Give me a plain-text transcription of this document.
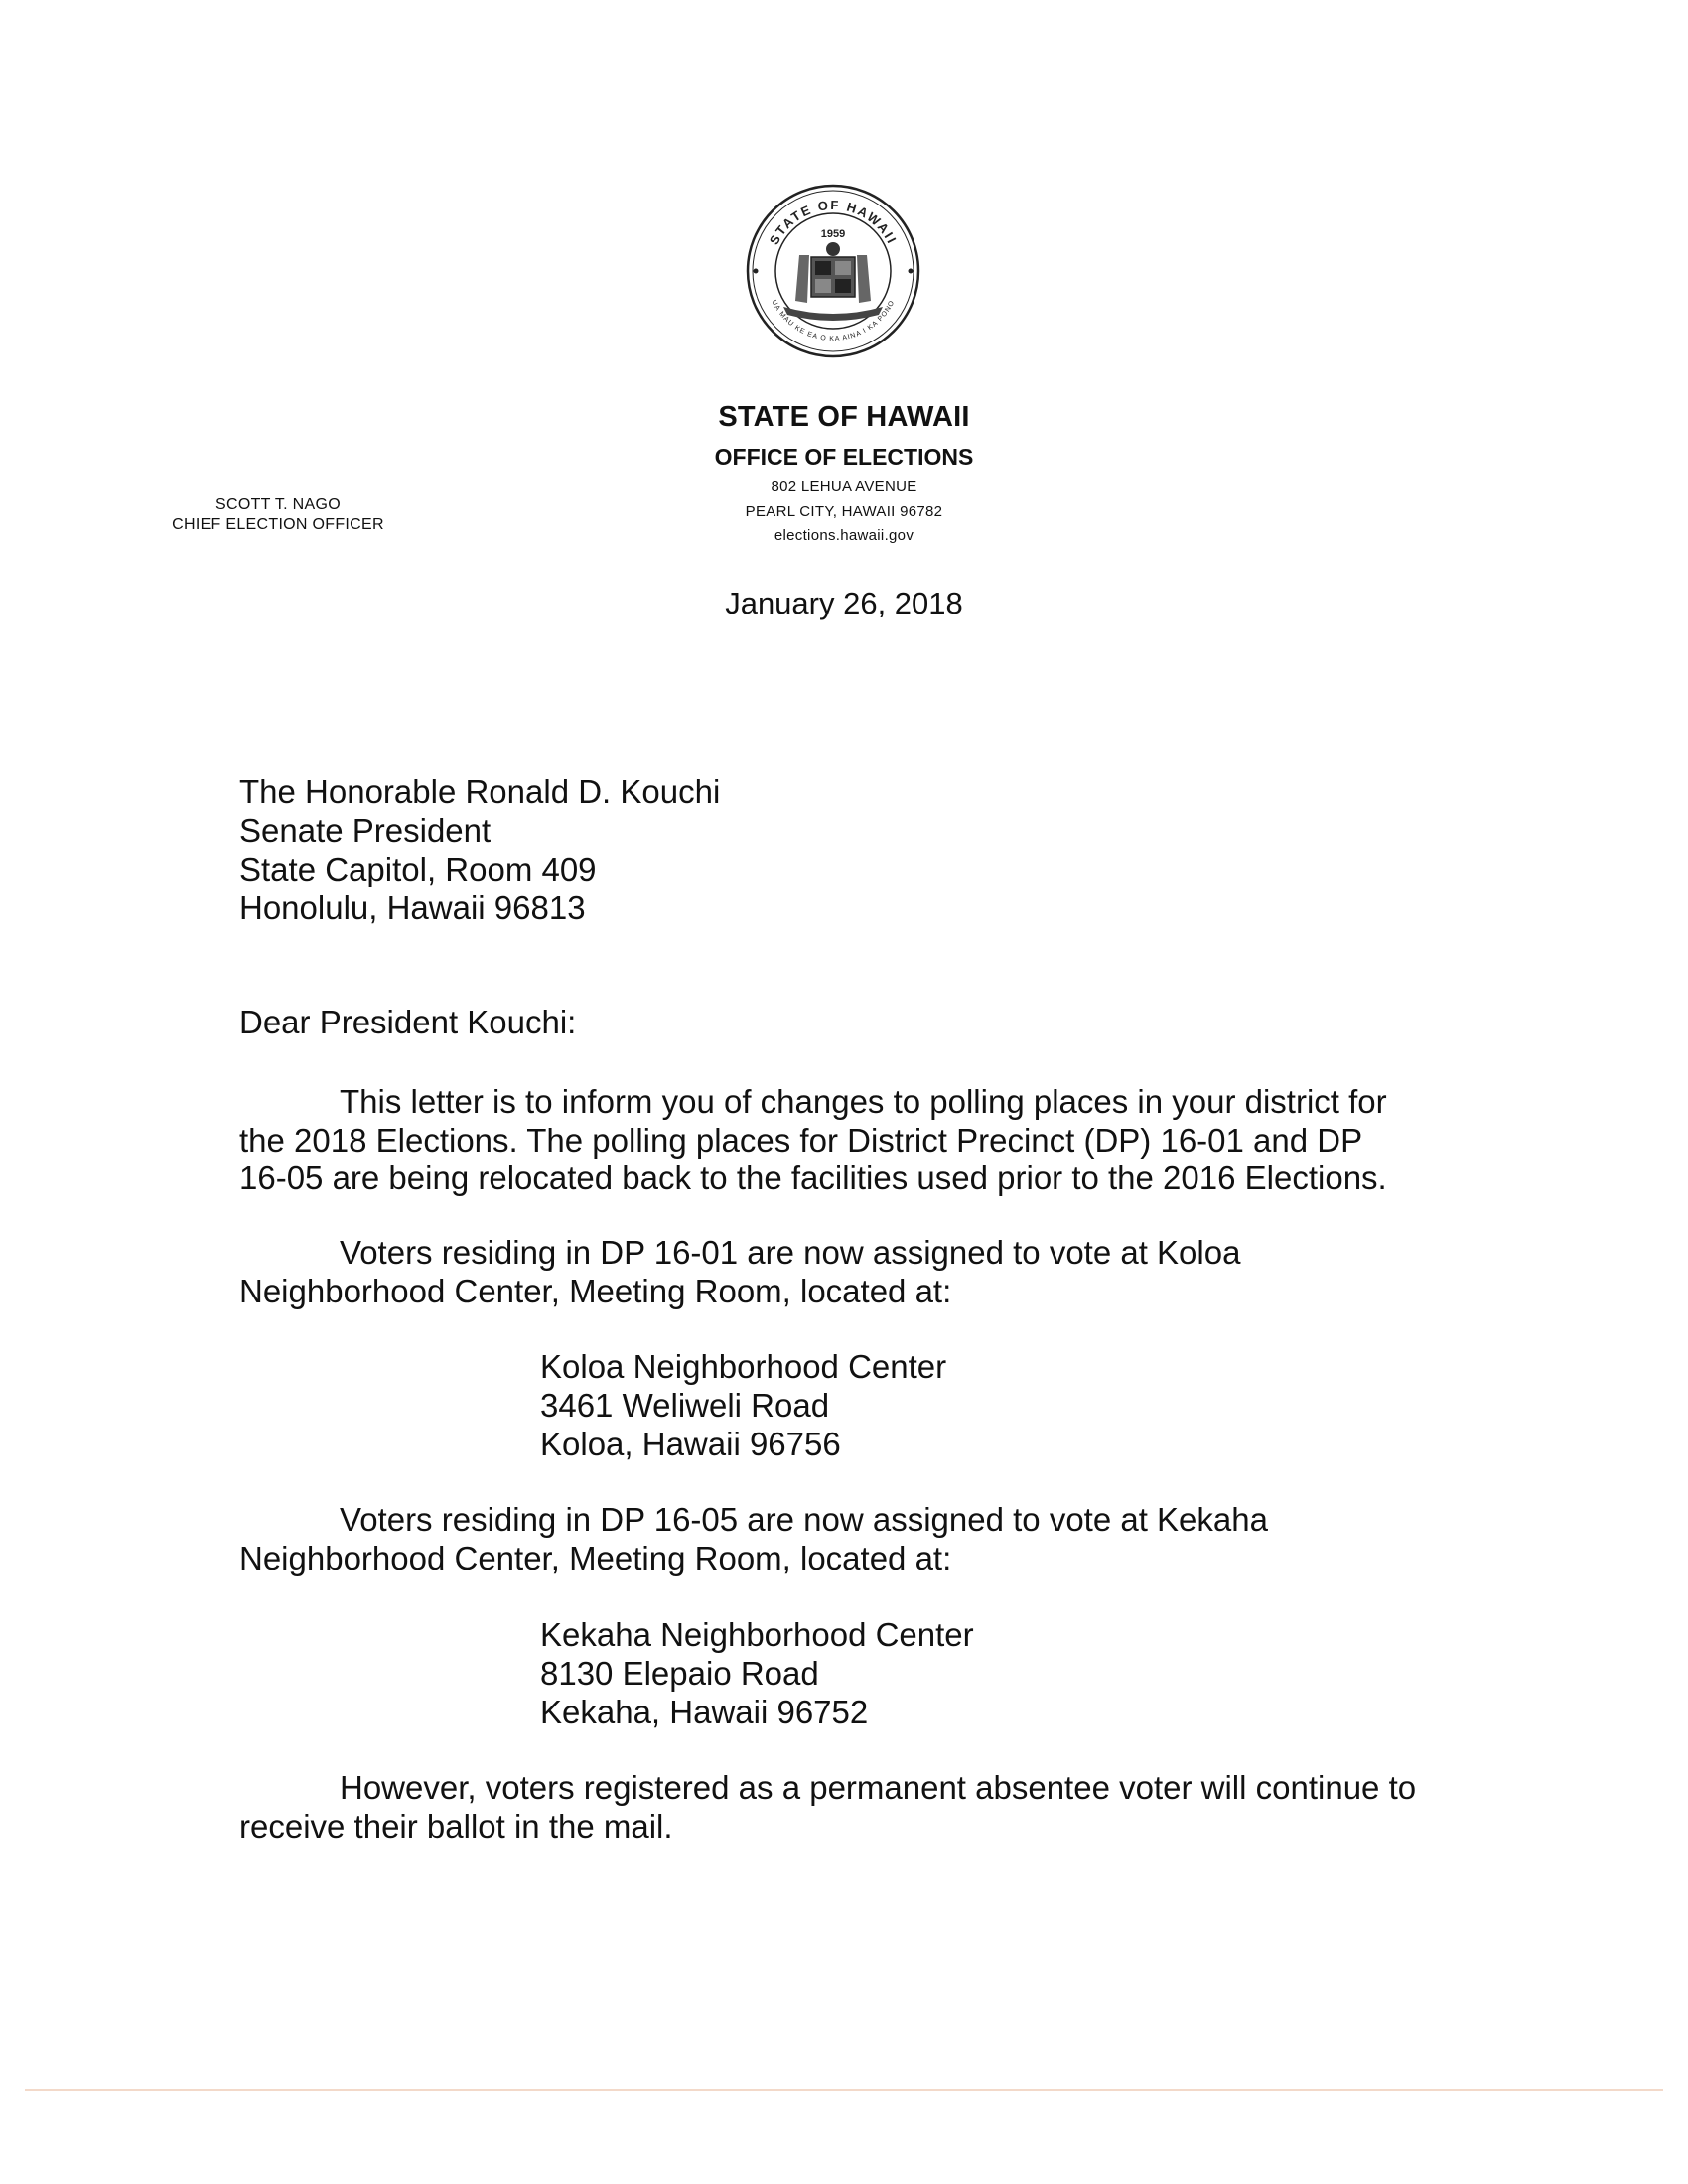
STATE OF HAWAII
UA MAU KE EA O KA AINA I KA PONO
1959
STATE OF HAWAII
OFFICE OF ELECTIONS
802 LEHUA AVENUE
PEARL CITY, HAWAII 96782
elections.hawaii.gov
SCOTT T. NAGO
CHIEF ELECTION OFFICER
January 26, 2018
The Honorable Ronald D. Kouchi
Senate President
State Capitol, Room 409
Honolulu, Hawaii 96813
Dear President Kouchi:
This letter is to inform you of changes to polling places in your district for
the 2018 Elections. The polling places for District Precinct (DP) 16-01 and DP
16-05 are being relocated back to the facilities used prior to the 2016 Elections.
Voters residing in DP 16-01 are now assigned to vote at Koloa
Neighborhood Center, Meeting Room, located at:
Koloa Neighborhood Center
3461 Weliweli Road
Koloa, Hawaii 96756
Voters residing in DP 16-05 are now assigned to vote at Kekaha
Neighborhood Center, Meeting Room, located at:
Kekaha Neighborhood Center
8130 Elepaio Road
Kekaha, Hawaii 96752
However, voters registered as a permanent absentee voter will continue to
receive their ballot in the mail.
